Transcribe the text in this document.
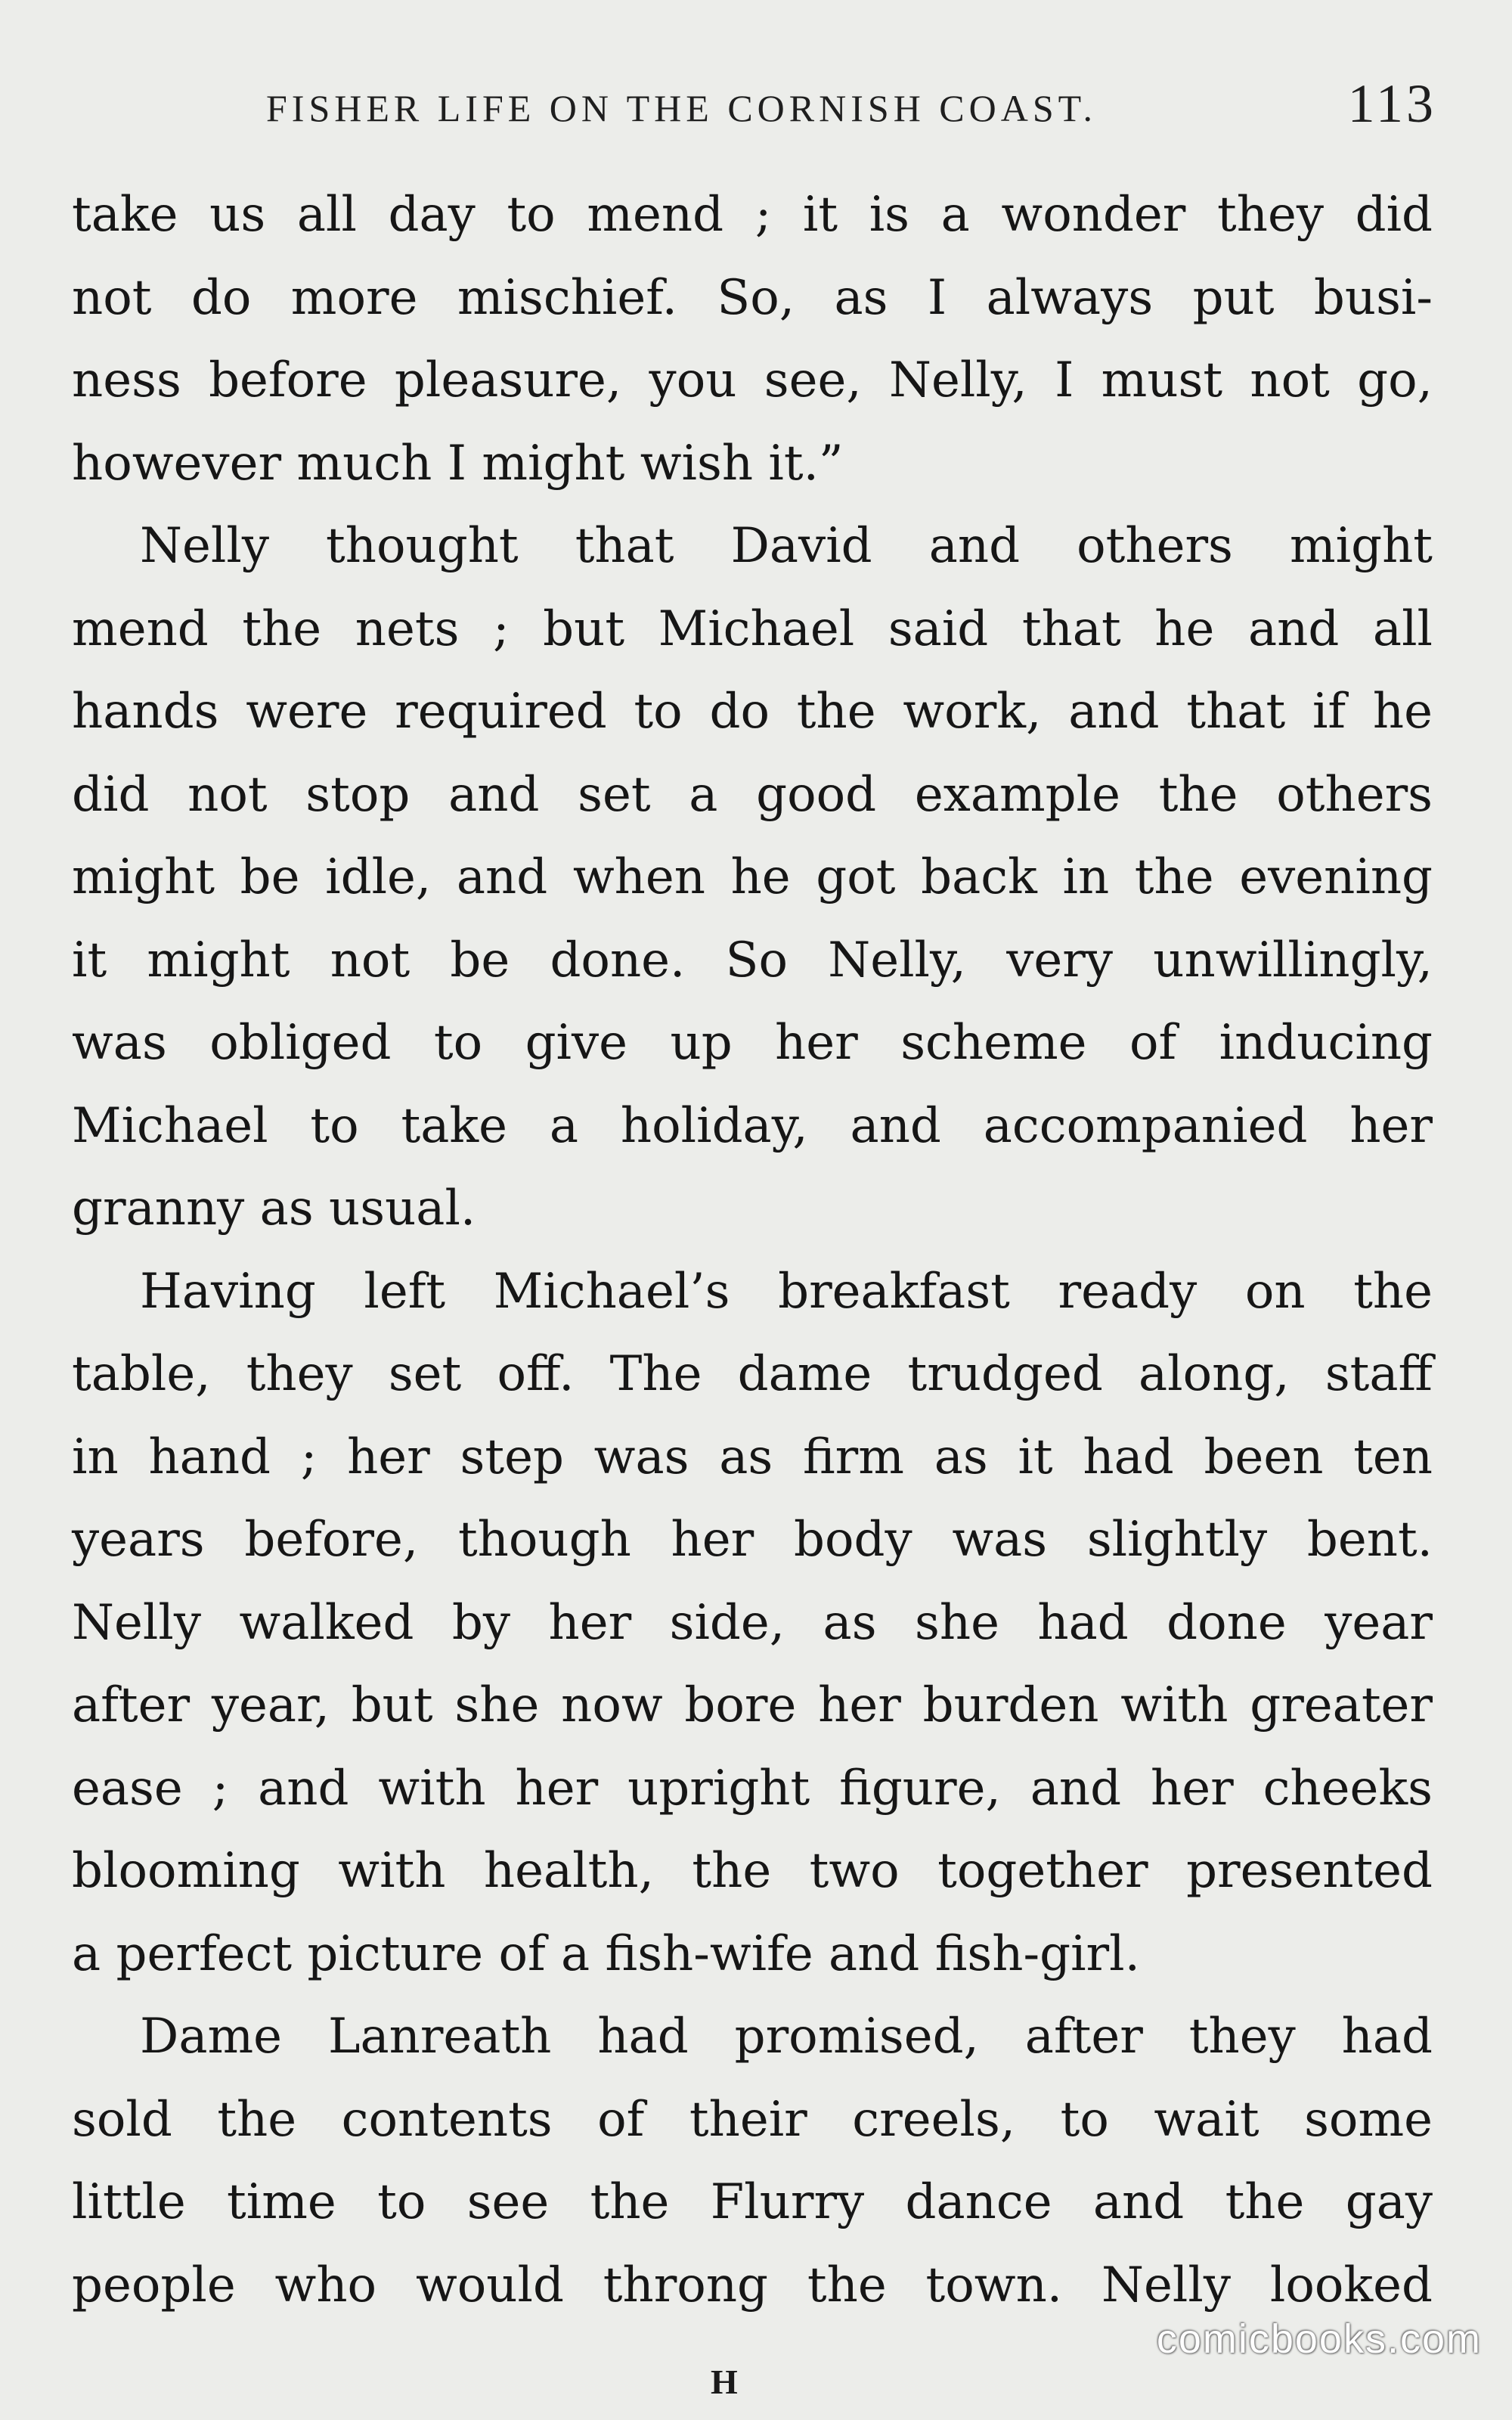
FISHER LIFE ON THE CORNISH COAST.	113
take us all day to mend ; it is a wonder they did
not do more mischief. So, as I always put busi-
ness before pleasure, you see, Nelly, I must not go,
however much I might wish it.”
Nelly thought that David and others might
mend the nets ; but Michael said that he and all
hands were required to do the work, and that if he
did not stop and set a good example the others
might be idle, and when he got back in the evening
it might not be done. So Nelly, very unwillingly,
was obliged to give up her scheme of inducing
Michael to take a holiday, and accompanied her
granny as usual.
Having left Michael’s breakfast ready on the
table, they set off. The dame trudged along, staff
in hand ; her step was as firm as it had been ten
years before, though her body was slightly bent.
Nelly walked by her side, as she had done year
after year, but she now bore her burden with greater
ease ; and with her upright figure, and her cheeks
blooming with health, the two together presented
a perfect picture of a fish-wife and fish-girl.
Dame Lanreath had promised, after they had
sold the contents of their creels, to wait some
little time to see the Flurry dance and the gay
people who would throng the town. Nelly looked
H
comicbooks.com
